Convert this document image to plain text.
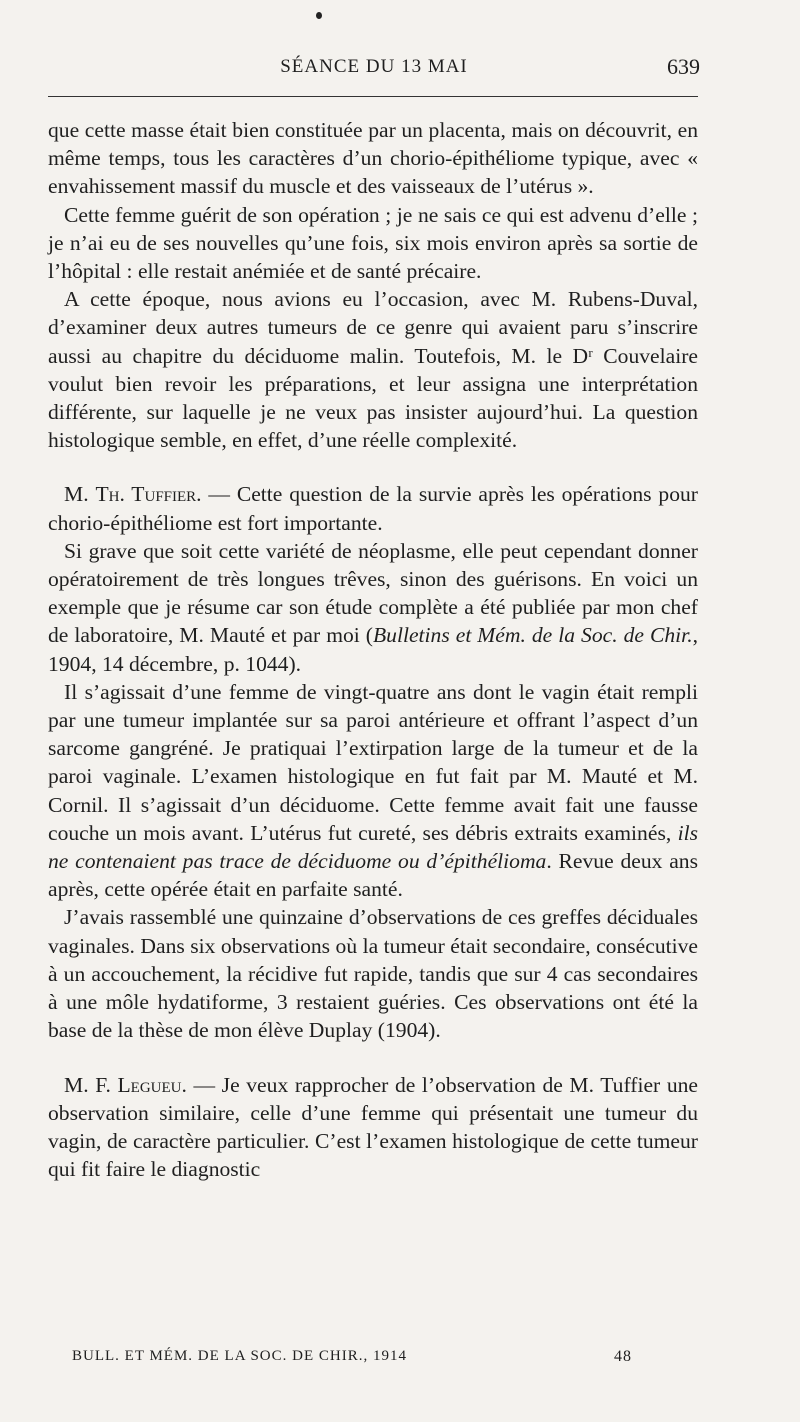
SÉANCE DU 13 MAI	639

que cette masse était bien constituée par un placenta, mais on découvrit, en même temps, tous les caractères d’un chorio-épithéliome typique, avec « envahissement massif du muscle et des vaisseaux de l’utérus ».

Cette femme guérit de son opération ; je ne sais ce qui est advenu d’elle ; je n’ai eu de ses nouvelles qu’une fois, six mois environ après sa sortie de l’hôpital : elle restait anémiée et de santé précaire.

A cette époque, nous avions eu l’occasion, avec M. Rubens-Duval, d’examiner deux autres tumeurs de ce genre qui avaient paru s’inscrire aussi au chapitre du déciduome malin. Toutefois, M. le Dʳ Couvelaire voulut bien revoir les préparations, et leur assigna une interprétation différente, sur laquelle je ne veux pas insister aujourd’hui. La question histologique semble, en effet, d’une réelle complexité.

M. Th. Tuffier. — Cette question de la survie après les opérations pour chorio-épithéliome est fort importante.

Si grave que soit cette variété de néoplasme, elle peut cependant donner opératoirement de très longues trêves, sinon des guérisons. En voici un exemple que je résume car son étude complète a été publiée par mon chef de laboratoire, M. Mauté et par moi (Bulletins et Mém. de la Soc. de Chir., 1904, 14 décembre, p. 1044).

Il s’agissait d’une femme de vingt-quatre ans dont le vagin était rempli par une tumeur implantée sur sa paroi antérieure et offrant l’aspect d’un sarcome gangréné. Je pratiquai l’extirpation large de la tumeur et de la paroi vaginale. L’examen histologique en fut fait par M. Mauté et M. Cornil. Il s’agissait d’un déciduome. Cette femme avait fait une fausse couche un mois avant. L’utérus fut cureté, ses débris extraits examinés, ils ne contenaient pas trace de déciduome ou d’épithélioma. Revue deux ans après, cette opérée était en parfaite santé.

J’avais rassemblé une quinzaine d’observations de ces greffes déciduales vaginales. Dans six observations où la tumeur était secondaire, consécutive à un accouchement, la récidive fut rapide, tandis que sur 4 cas secondaires à une môle hydatiforme, 3 restaient guéries. Ces observations ont été la base de la thèse de mon élève Duplay (1904).

M. F. Legueu. — Je veux rapprocher de l’observation de M. Tuffier une observation similaire, celle d’une femme qui présentait une tumeur du vagin, de caractère particulier. C’est l’examen histologique de cette tumeur qui fit faire le diagnostic

BULL. ET MÉM. DE LA SOC. DE CHIR., 1914	48
